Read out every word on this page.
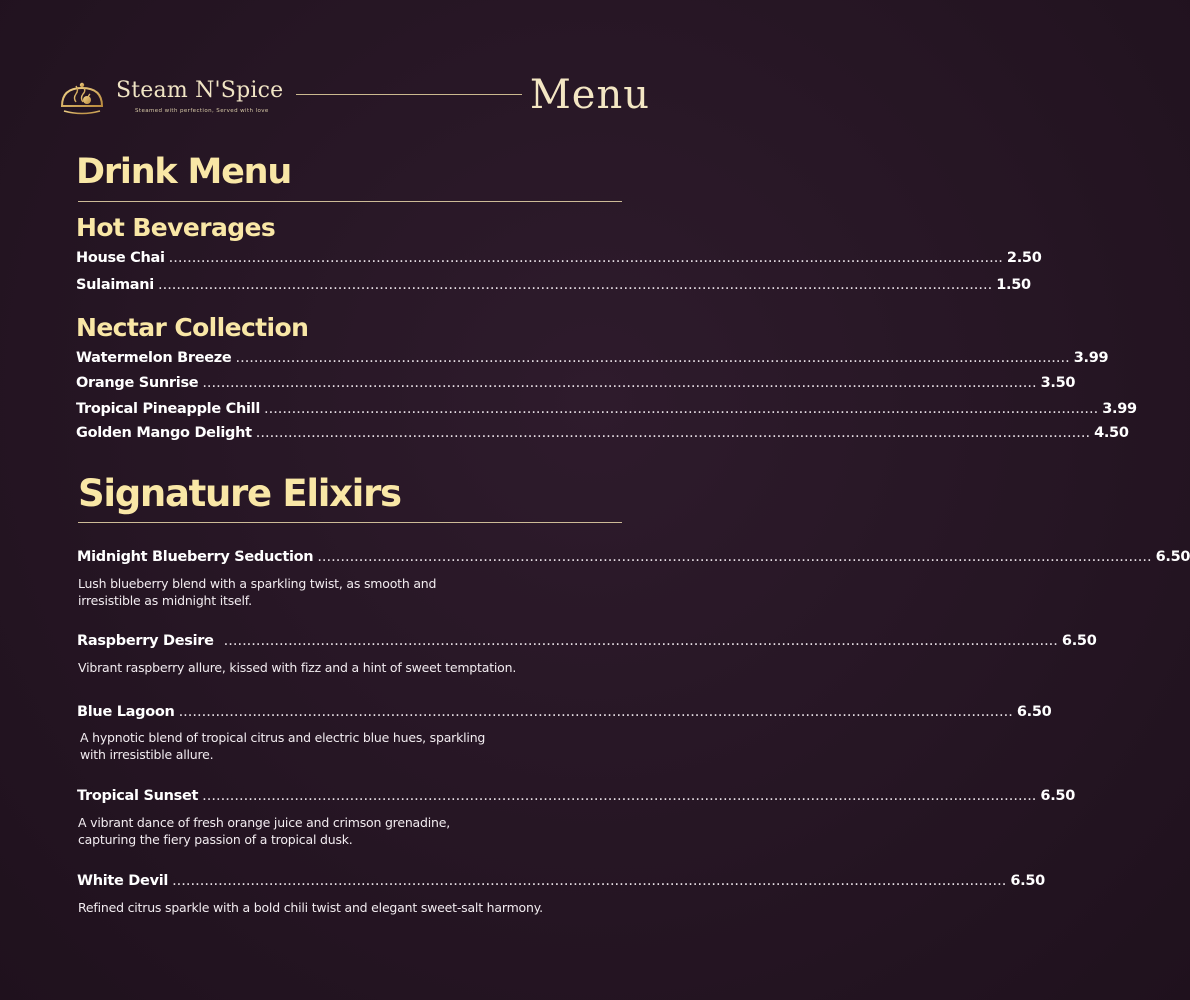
Steam N'Spice
Steamed with perfection, Served with love	Menu
Drink Menu
Hot Beverages
House Chai ..................................................................................................................................................................................... 2.50
Sulaimani ..................................................................................................................................................................................... 1.50
Nectar Collection
Watermelon Breeze ..................................................................................................................................................................................... 3.99
Orange Sunrise ..................................................................................................................................................................................... 3.50
Tropical Pineapple Chill ..................................................................................................................................................................................... 3.99
Golden Mango Delight ..................................................................................................................................................................................... 4.50
Signature Elixirs
Midnight Blueberry Seduction ..................................................................................................................................................................................... 6.50
Lush blueberry blend with a sparkling twist, as smooth and
irresistible as midnight itself.
Raspberry Desire ..................................................................................................................................................................................... 6.50
Vibrant raspberry allure, kissed with fizz and a hint of sweet temptation.
Blue Lagoon ..................................................................................................................................................................................... 6.50
A hypnotic blend of tropical citrus and electric blue hues, sparkling
with irresistible allure.
Tropical Sunset ..................................................................................................................................................................................... 6.50
A vibrant dance of fresh orange juice and crimson grenadine,
capturing the fiery passion of a tropical dusk.
White Devil ..................................................................................................................................................................................... 6.50
Refined citrus sparkle with a bold chili twist and elegant sweet-salt harmony.
